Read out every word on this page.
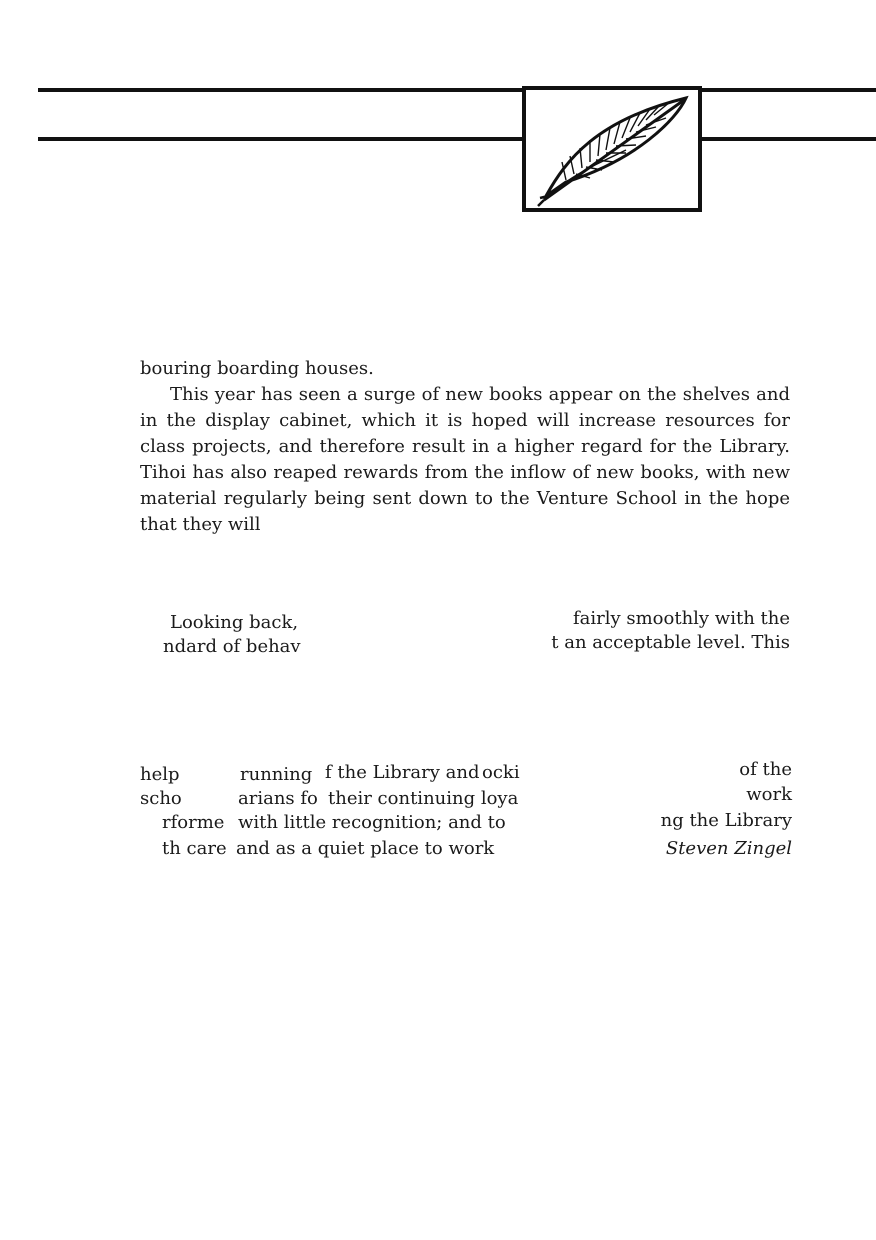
bouring boarding houses.

This year has seen a surge of new books appear on the shelves and in the display cabinet, which it is hoped will increase resources for class projects, and therefore result in a higher regard for the Library. Tihoi has also reaped rewards from the inflow of new books, with new material regularly being sent down to the Venture School in the hope that they will

Looking back,
ndard of behav
fairly smoothly with the
t an acceptable level. This
help
scho
rforme
th care
running
arians fo
with little recognition; and to
and as a quiet place to work
f the Library and ocki
their continuing loya
of the
work
ng the Library
Steven Zingel
